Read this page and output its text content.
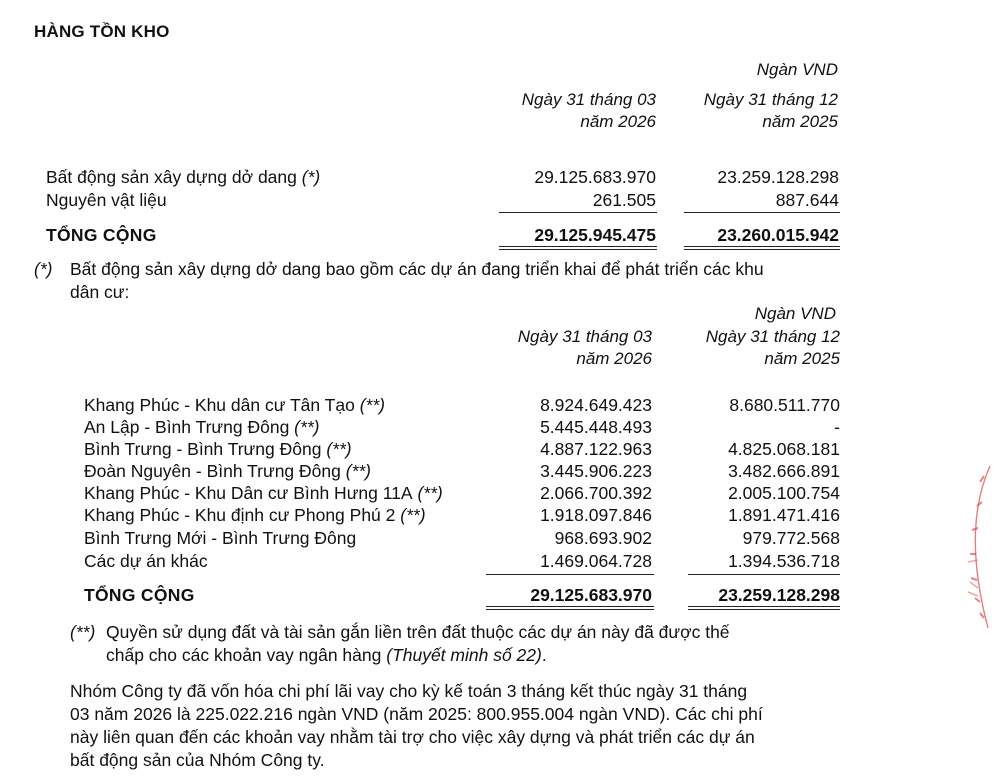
HÀNG TỒN KHO
Ngàn VND
Ngày 31 tháng 03
năm 2026
Ngày 31 tháng 12
năm 2025
Bất động sản xây dựng dở dang (*)	29.125.683.970	23.259.128.298
Nguyên vật liệu	261.505	887.644
TỔNG CỘNG	29.125.945.475	23.260.015.942
(*) Bất động sản xây dựng dở dang bao gồm các dự án đang triển khai để phát triển các khu
dân cư:
Ngàn VND
Ngày 31 tháng 03
năm 2026
Ngày 31 tháng 12
năm 2025
Khang Phúc - Khu dân cư Tân Tạo (**)	8.924.649.423	8.680.511.770
An Lập - Bình Trưng Đông (**)	5.445.448.493	-
Bình Trưng - Bình Trưng Đông (**)	4.887.122.963	4.825.068.181
Đoàn Nguyên - Bình Trưng Đông (**)	3.445.906.223	3.482.666.891
Khang Phúc - Khu Dân cư Bình Hưng 11A (**)	2.066.700.392	2.005.100.754
Khang Phúc - Khu định cư Phong Phú 2 (**)	1.918.097.846	1.891.471.416
Bình Trưng Mới - Bình Trưng Đông	968.693.902	979.772.568
Các dự án khác	1.469.064.728	1.394.536.718
TỔNG CỘNG	29.125.683.970	23.259.128.298
(**) Quyền sử dụng đất và tài sản gắn liền trên đất thuộc các dự án này đã được thế
chấp cho các khoản vay ngân hàng (Thuyết minh số 22).
Nhóm Công ty đã vốn hóa chi phí lãi vay cho kỳ kế toán 3 tháng kết thúc ngày 31 tháng
03 năm 2026 là 225.022.216 ngàn VND (năm 2025: 800.955.004 ngàn VND). Các chi phí
này liên quan đến các khoản vay nhằm tài trợ cho việc xây dựng và phát triển các dự án
bất động sản của Nhóm Công ty.
